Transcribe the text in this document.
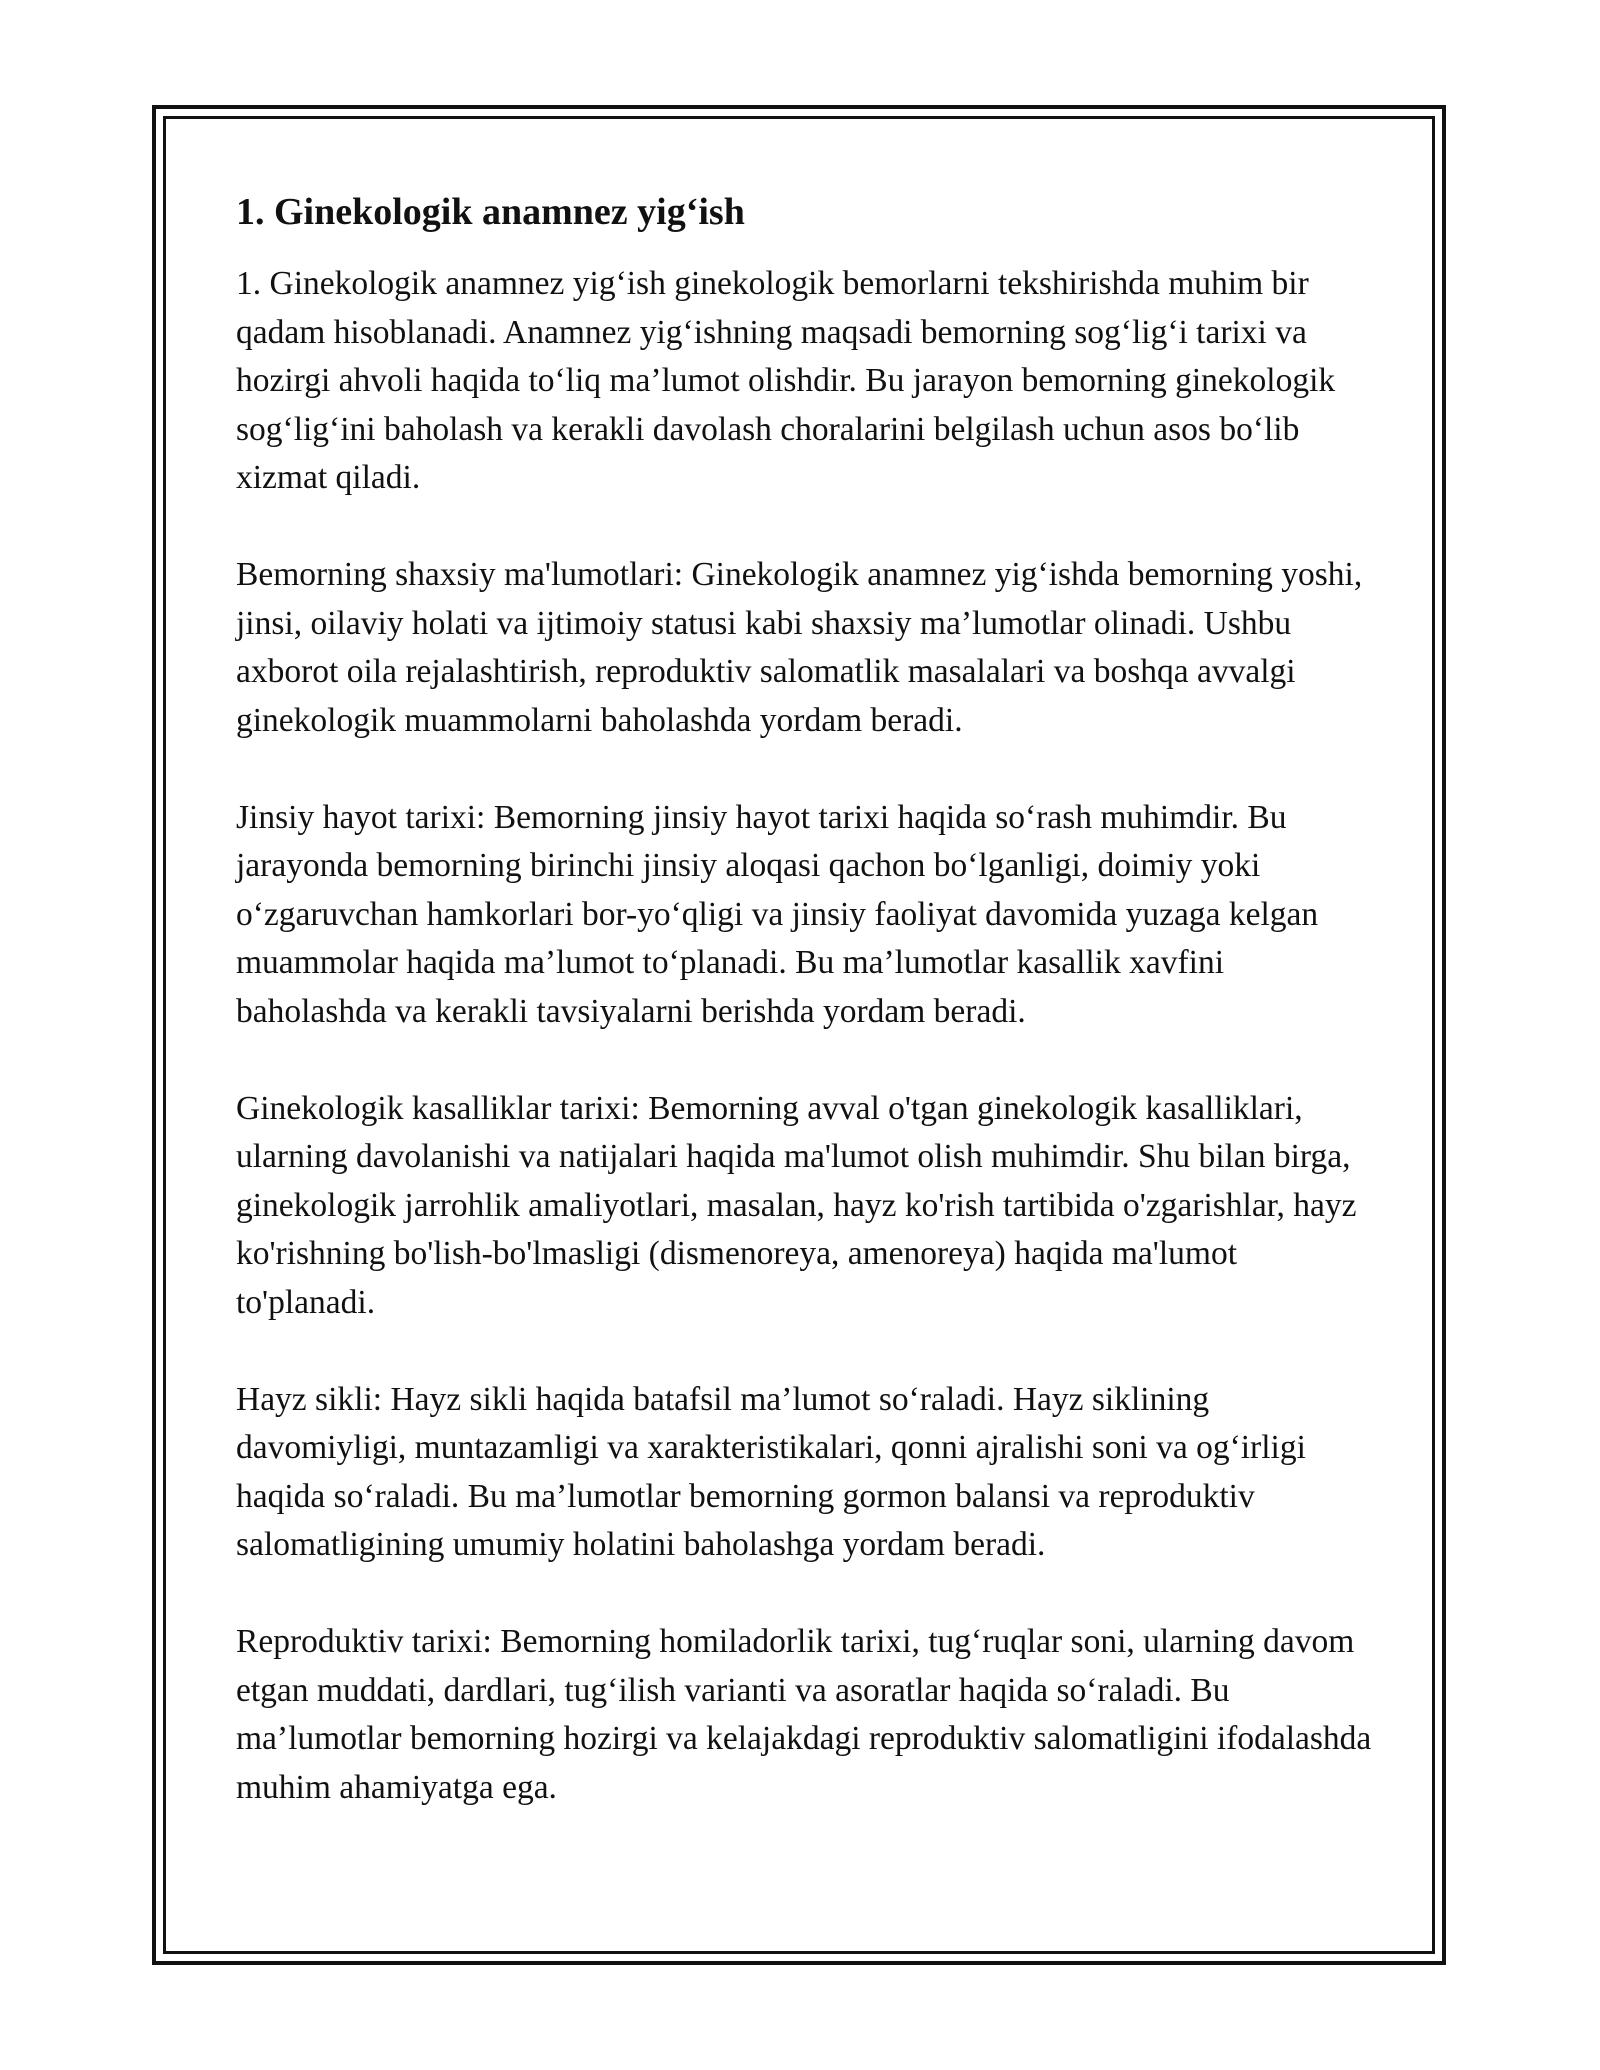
1. Ginekologik anamnez yig‘ish

1. Ginekologik anamnez yig‘ish ginekologik bemorlarni tekshirishda muhim bir qadam hisoblanadi. Anamnez yig‘ishning maqsadi bemorning sog‘lig‘i tarixi va hozirgi ahvoli haqida to‘liq ma’lumot olishdir. Bu jarayon bemorning ginekologik sog‘lig‘ini baholash va kerakli davolash choralarini belgilash uchun asos bo‘lib xizmat qiladi.

Bemorning shaxsiy ma'lumotlari: Ginekologik anamnez yig‘ishda bemorning yoshi, jinsi, oilaviy holati va ijtimoiy statusi kabi shaxsiy ma’lumotlar olinadi. Ushbu axborot oila rejalashtirish, reproduktiv salomatlik masalalari va boshqa avvalgi ginekologik muammolarni baholashda yordam beradi.

Jinsiy hayot tarixi: Bemorning jinsiy hayot tarixi haqida so‘rash muhimdir. Bu jarayonda bemorning birinchi jinsiy aloqasi qachon bo‘lganligi, doimiy yoki o‘zgaruvchan hamkorlari bor-yo‘qligi va jinsiy faoliyat davomida yuzaga kelgan muammolar haqida ma’lumot to‘planadi. Bu ma’lumotlar kasallik xavfini baholashda va kerakli tavsiyalarni berishda yordam beradi.

Ginekologik kasalliklar tarixi: Bemorning avval o'tgan ginekologik kasalliklari, ularning davolanishi va natijalari haqida ma'lumot olish muhimdir. Shu bilan birga, ginekologik jarrohlik amaliyotlari, masalan, hayz ko'rish tartibida o'zgarishlar, hayz ko'rishning bo'lish-bo'lmasligi (dismenoreya, amenoreya) haqida ma'lumot to'planadi.

Hayz sikli: Hayz sikli haqida batafsil ma’lumot so‘raladi. Hayz siklining davomiyligi, muntazamligi va xarakteristikalari, qonni ajralishi soni va og‘irligi haqida so‘raladi. Bu ma’lumotlar bemorning gormon balansi va reproduktiv salomatligining umumiy holatini baholashga yordam beradi.

Reproduktiv tarixi: Bemorning homiladorlik tarixi, tug‘ruqlar soni, ularning davom etgan muddati, dardlari, tug‘ilish varianti va asoratlar haqida so‘raladi. Bu ma’lumotlar bemorning hozirgi va kelajakdagi reproduktiv salomatligini ifodalashda muhim ahamiyatga ega.
